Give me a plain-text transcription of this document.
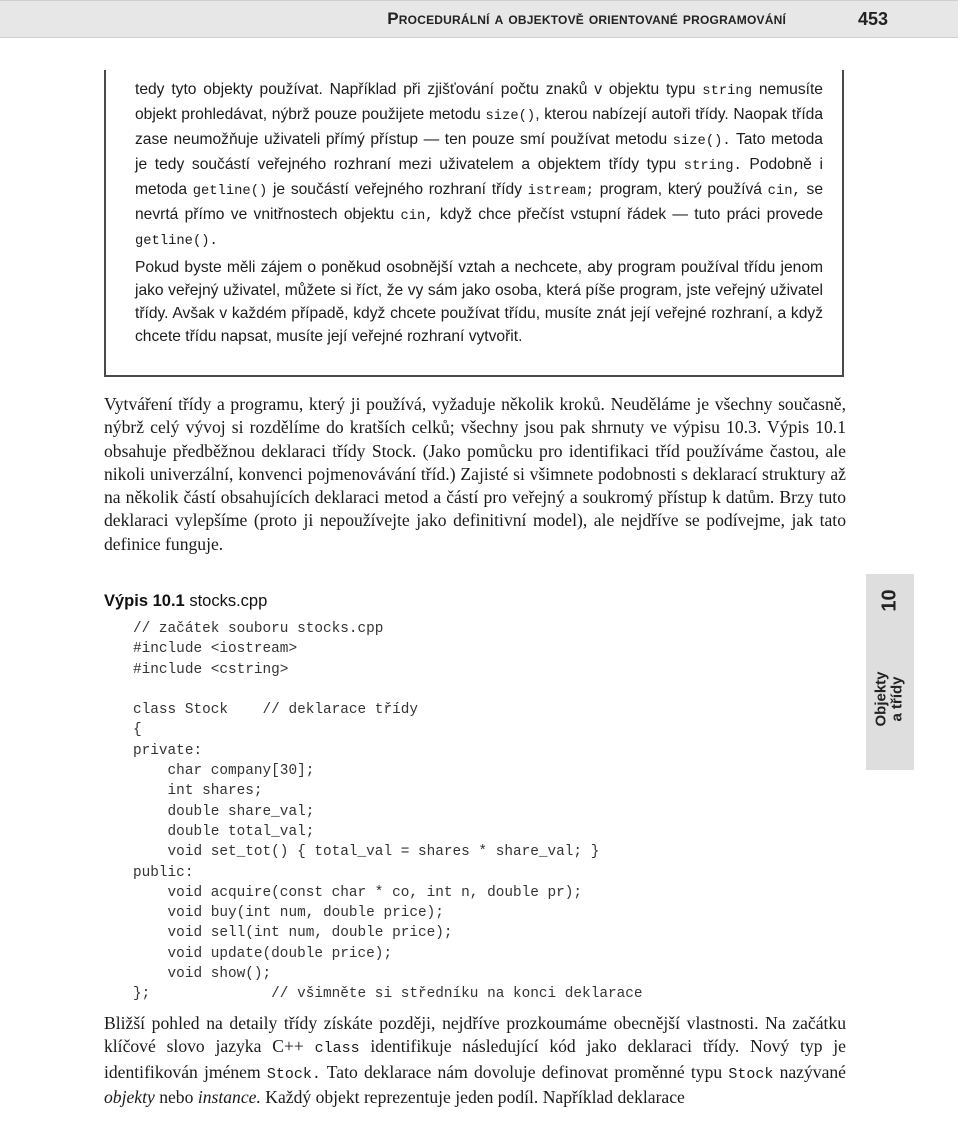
Procedurální a objektově orientované programování	453

tedy tyto objekty používat. Například při zjišťování počtu znaků v objektu typu string nemusíte objekt prohledávat, nýbrž pouze použijete metodu size(), kterou nabízejí autoři třídy. Naopak třída zase neumožňuje uživateli přímý přístup — ten pouze smí používat metodu size(). Tato metoda je tedy součástí veřejného rozhraní mezi uživatelem a objektem třídy typu string. Podobně i metoda getline() je součástí veřejného rozhraní třídy istream; program, který používá cin, se nevrtá přímo ve vnitřnostech objektu cin, když chce přečíst vstupní řádek — tuto práci provede getline().

Pokud byste měli zájem o poněkud osobnější vztah a nechcete, aby program používal třídu jenom jako veřejný uživatel, můžete si říct, že vy sám jako osoba, která píše program, jste veřejný uživatel třídy. Avšak v každém případě, když chcete používat třídu, musíte znát její veřejné rozhraní, a když chcete třídu napsat, musíte její veřejné rozhraní vytvořit.

Vytváření třídy a programu, který ji používá, vyžaduje několik kroků. Neuděláme je všechny současně, nýbrž celý vývoj si rozdělíme do kratších celků; všechny jsou pak shrnuty ve výpisu 10.3. Výpis 10.1 obsahuje předběžnou deklaraci třídy Stock. (Jako pomůcku pro identifikaci tříd používáme častou, ale nikoli univerzální, konvenci pojmenovávání tříd.) Zajisté si všimnete podobnosti s deklarací struktury až na několik částí obsahujících deklaraci metod a částí pro veřejný a soukromý přístup k datům. Brzy tuto deklaraci vylepšíme (proto ji nepoužívejte jako definitivní model), ale nejdříve se podívejme, jak tato definice funguje.

Výpis 10.1 stocks.cpp
// začátek souboru stocks.cpp
#include <iostream>
#include <cstring>

class Stock    // deklarace třídy
{
private:
char company[30];
int shares;
double share_val;
double total_val;
void set_tot() { total_val = shares * share_val; }
public:
void acquire(const char * co, int n, double pr);
void buy(int num, double price);
void sell(int num, double price);
void update(double price);
void show();
};              // všimněte si středníku na konci deklarace

Bližší pohled na detaily třídy získáte později, nejdříve prozkoumáme obecnější vlastnosti. Na začátku klíčové slovo jazyka C++ class identifikuje následující kód jako deklaraci třídy. Nový typ je identifikován jménem Stock. Tato deklarace nám dovoluje definovat proměnné typu Stock nazývané objekty nebo instance. Každý objekt reprezentuje jeden podíl. Například deklarace

10
Objekty a třídy
